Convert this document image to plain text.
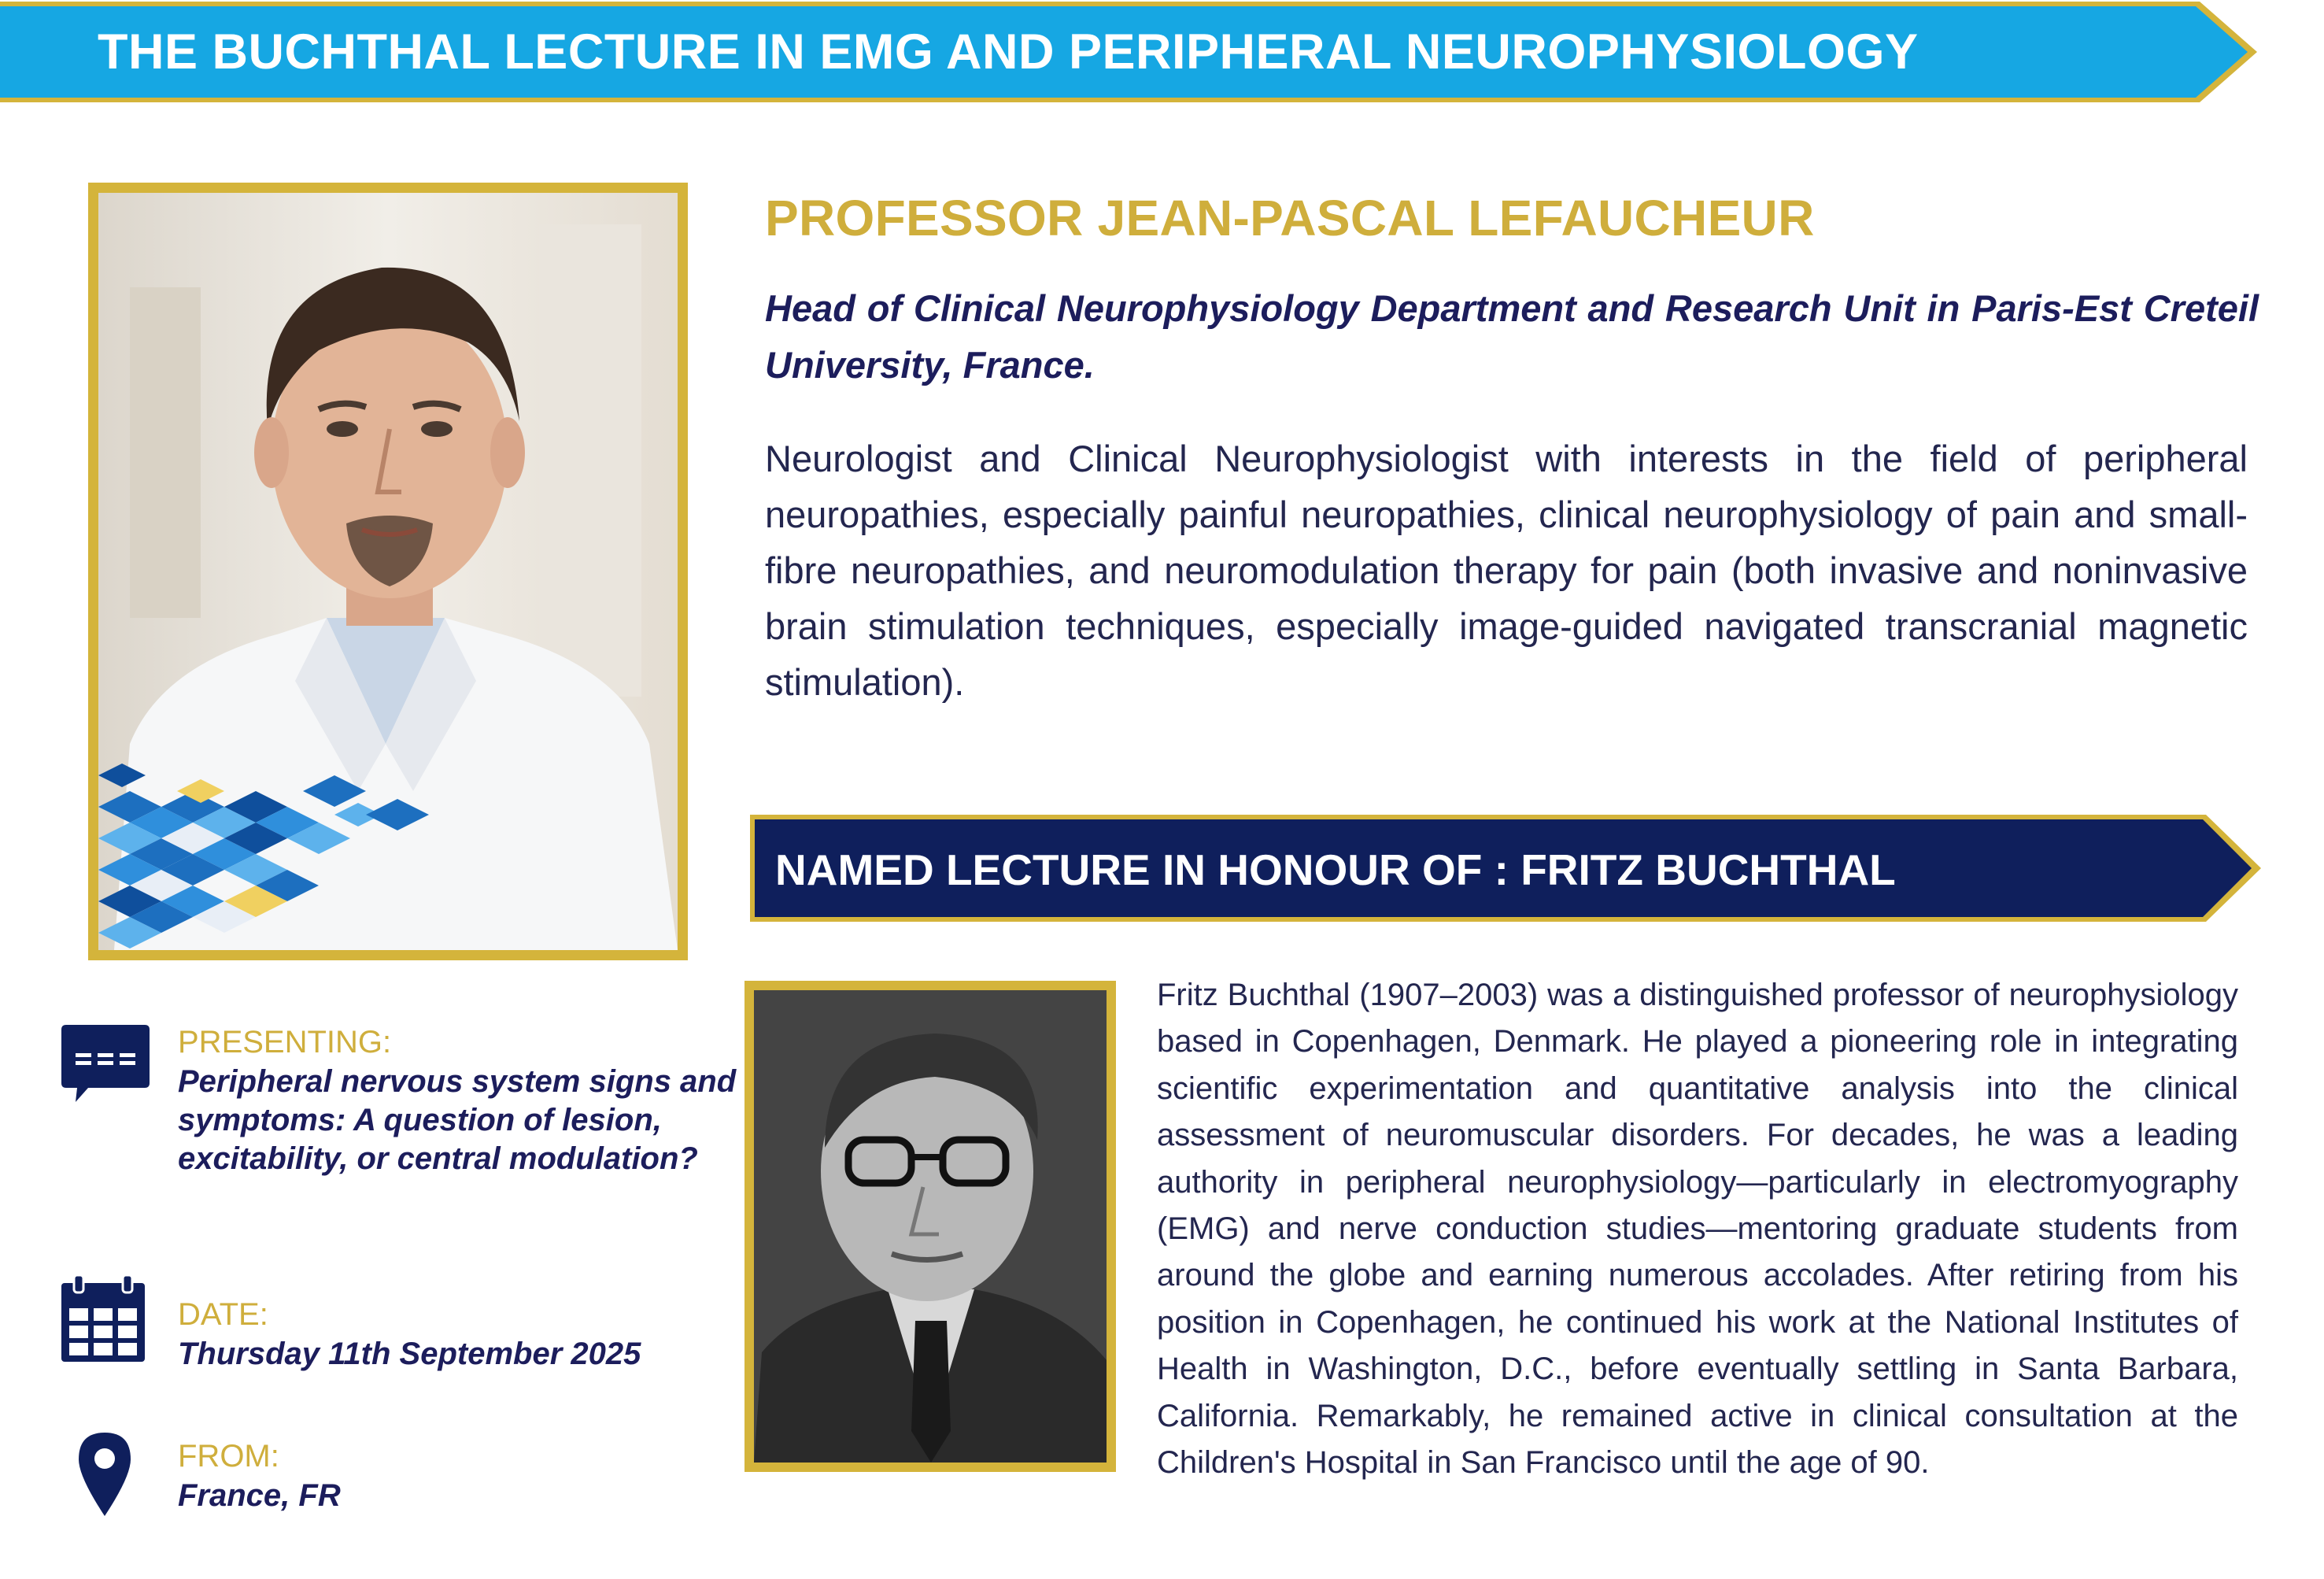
THE BUCHTHAL LECTURE IN EMG AND PERIPHERAL NEUROPHYSIOLOGY
PROFESSOR JEAN-PASCAL LEFAUCHEUR
Head of Clinical Neurophysiology Department and Research Unit in Paris-Est Creteil University, France.
Neurologist and Clinical Neurophysiologist with interests in the field of peripheral neuropathies, especially painful neuropathies, clinical neurophysiology of pain and small-fibre neuropathies, and neuromodulation therapy for pain (both invasive and noninvasive brain stimulation techniques, especially image-guided navigated transcranial magnetic stimulation).
NAMED LECTURE IN HONOUR OF : FRITZ BUCHTHAL
Fritz Buchthal (1907–2003) was a distinguished professor of neurophysiology based in Copenhagen, Denmark. He played a pioneering role in integrating scientific experimentation and quantitative analysis into the clinical assessment of neuromuscular disorders. For decades, he was a leading authority in peripheral neurophysiology—particularly in electromyography (EMG) and nerve conduction studies—mentoring graduate students from around the globe and earning numerous accolades. After retiring from his position in Copenhagen, he continued his work at the National Institutes of Health in Washington, D.C., before eventually settling in Santa Barbara, California. Remarkably, he remained active in clinical consultation at the Children's Hospital in San Francisco until the age of 90.
PRESENTING:
Peripheral nervous system signs and symptoms: A question of lesion, excitability, or central modulation?
DATE:
Thursday 11th September 2025
FROM:
France, FR
